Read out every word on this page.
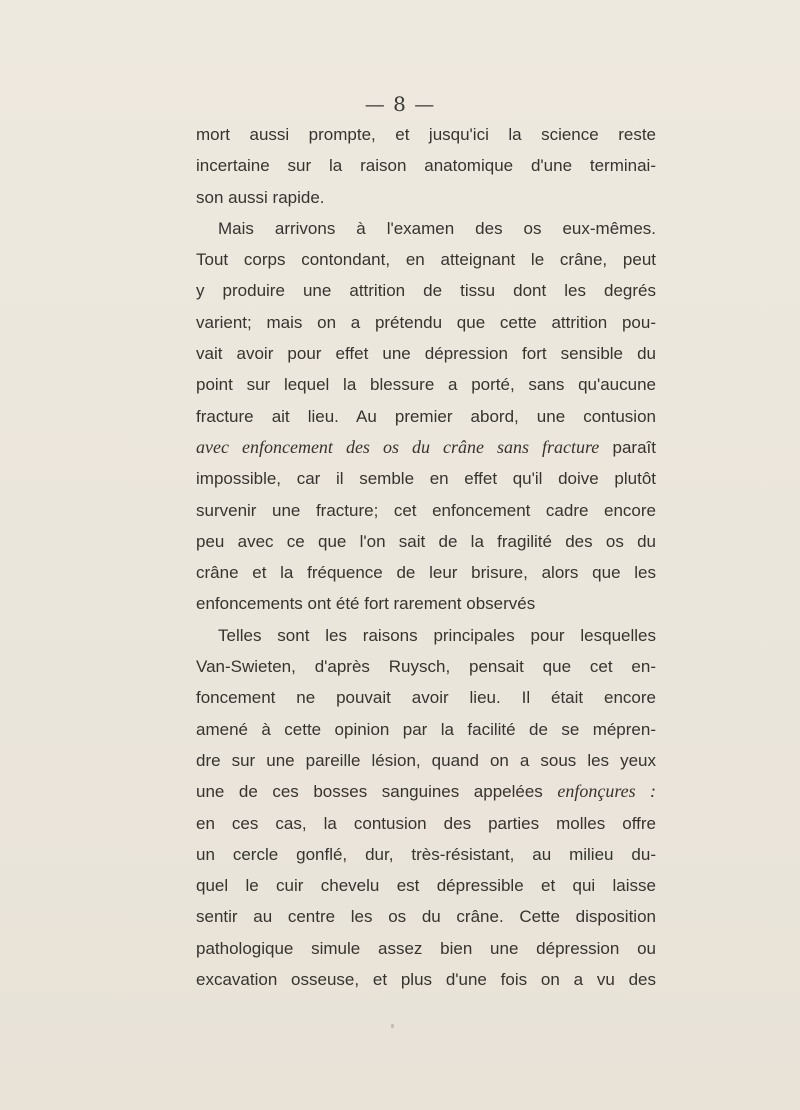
— 8 —
mort aussi prompte, et jusqu'ici la science reste
incertaine sur la raison anatomique d'une terminai-
son aussi rapide.
Mais arrivons à l'examen des os eux-mêmes.
Tout corps contondant, en atteignant le crâne, peut
y produire une attrition de tissu dont les degrés
varient; mais on a prétendu que cette attrition pou-
vait avoir pour effet une dépression fort sensible du
point sur lequel la blessure a porté, sans qu'aucune
fracture ait lieu. Au premier abord, une contusion
avec enfoncement des os du crâne sans fracture paraît
impossible, car il semble en effet qu'il doive plutôt
survenir une fracture; cet enfoncement cadre encore
peu avec ce que l'on sait de la fragilité des os du
crâne et la fréquence de leur brisure, alors que les
enfoncements ont été fort rarement observés
Telles sont les raisons principales pour lesquelles
Van-Swieten, d'après Ruysch, pensait que cet en-
foncement ne pouvait avoir lieu. Il était encore
amené à cette opinion par la facilité de se mépren-
dre sur une pareille lésion, quand on a sous les yeux
une de ces bosses sanguines appelées enfonçures :
en ces cas, la contusion des parties molles offre
un cercle gonflé, dur, très-résistant, au milieu du-
quel le cuir chevelu est dépressible et qui laisse
sentir au centre les os du crâne. Cette disposition
pathologique simule assez bien une dépression ou
excavation osseuse, et plus d'une fois on a vu des
